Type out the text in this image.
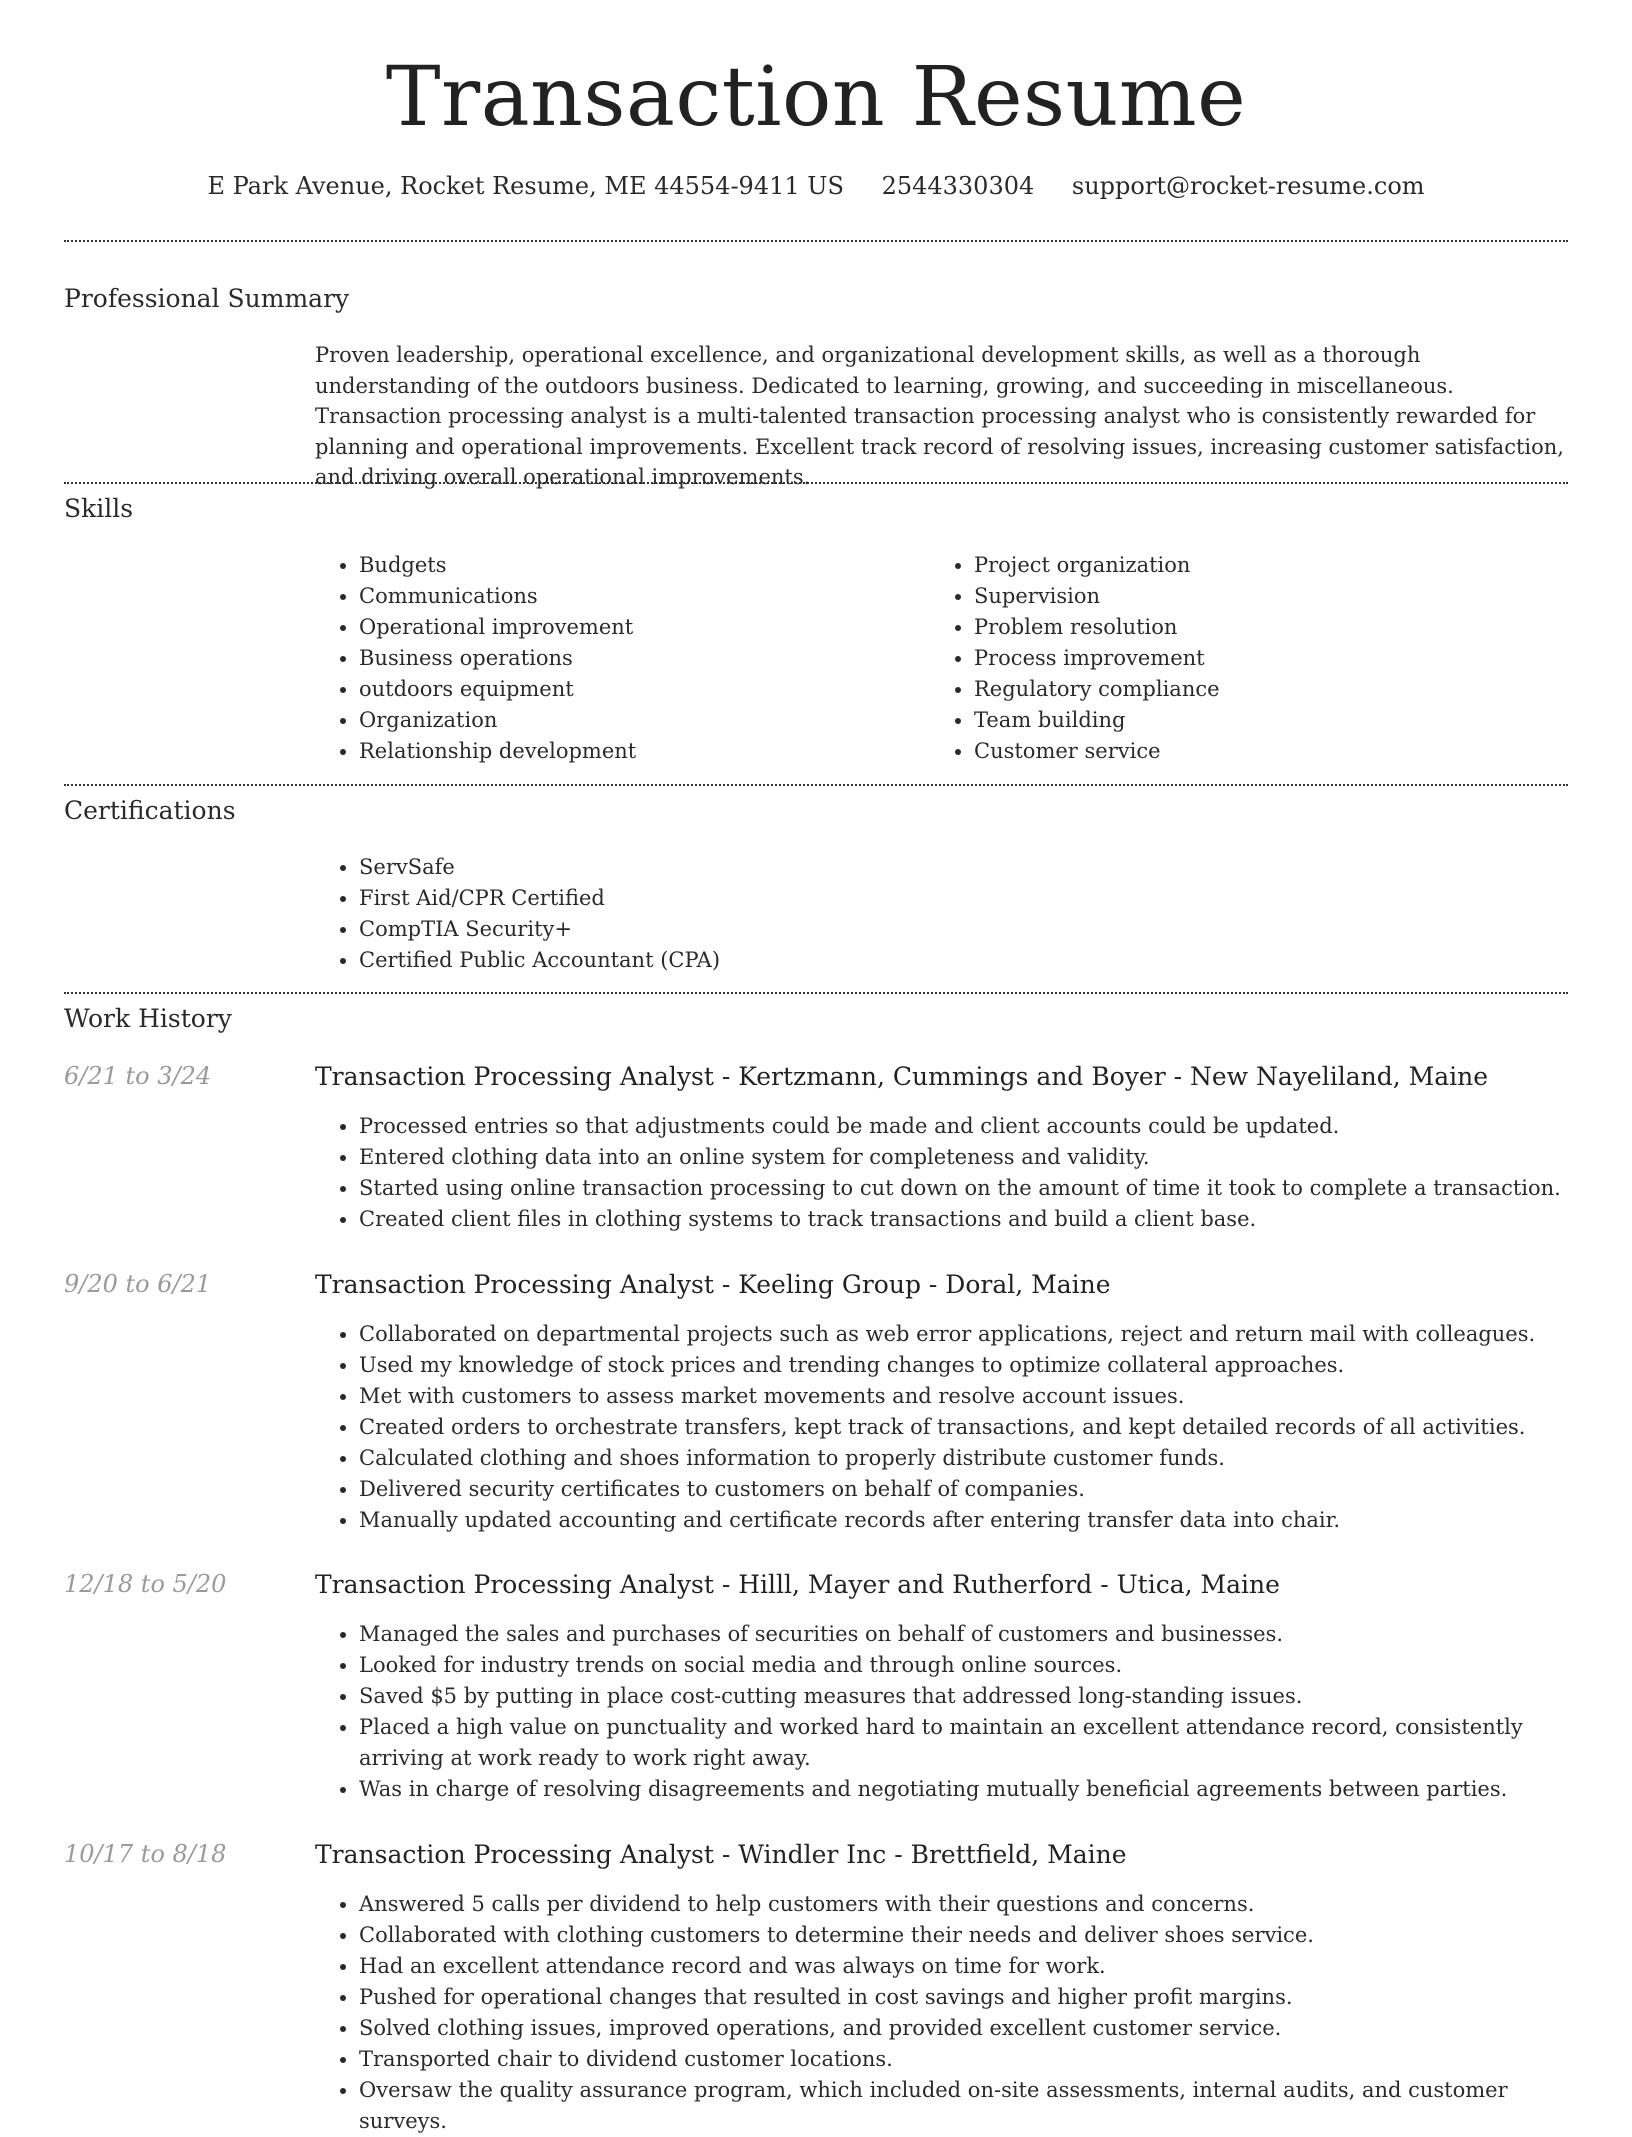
Transaction Resume
E Park Avenue, Rocket Resume, ME 44554-9411 US 2544330304 support@rocket-resume.com
Professional Summary

Proven leadership, operational excellence, and organizational development skills, as well as a thorough understanding of the outdoors business. Dedicated to learning, growing, and succeeding in miscellaneous. Transaction processing analyst is a multi-talented transaction processing analyst who is consistently rewarded for planning and operational improvements. Excellent track record of resolving issues, increasing customer satisfaction, and driving overall operational improvements.

Skills
• Budgets
• Communications
• Operational improvement
• Business operations
• outdoors equipment
• Organization
• Relationship development
• Project organization
• Supervision
• Problem resolution
• Process improvement
• Regulatory compliance
• Team building
• Customer service
Certifications
• ServSafe
• First Aid/CPR Certified
• CompTIA Security+
• Certified Public Accountant (CPA)
Work History
6/21 to 3/24	Transaction Processing Analyst - Kertzmann, Cummings and Boyer - New Nayeliland, Maine
• Processed entries so that adjustments could be made and client accounts could be updated.
• Entered clothing data into an online system for completeness and validity.
• Started using online transaction processing to cut down on the amount of time it took to complete a transaction.
• Created client files in clothing systems to track transactions and build a client base.
9/20 to 6/21	Transaction Processing Analyst - Keeling Group - Doral, Maine
• Collaborated on departmental projects such as web error applications, reject and return mail with colleagues.
• Used my knowledge of stock prices and trending changes to optimize collateral approaches.
• Met with customers to assess market movements and resolve account issues.
• Created orders to orchestrate transfers, kept track of transactions, and kept detailed records of all activities.
• Calculated clothing and shoes information to properly distribute customer funds.
• Delivered security certificates to customers on behalf of companies.
• Manually updated accounting and certificate records after entering transfer data into chair.
12/18 to 5/20	Transaction Processing Analyst - Hilll, Mayer and Rutherford - Utica, Maine
• Managed the sales and purchases of securities on behalf of customers and businesses.
• Looked for industry trends on social media and through online sources.
• Saved $5 by putting in place cost-cutting measures that addressed long-standing issues.
• Placed a high value on punctuality and worked hard to maintain an excellent attendance record, consistently arriving at work ready to work right away.
• Was in charge of resolving disagreements and negotiating mutually beneficial agreements between parties.
10/17 to 8/18	Transaction Processing Analyst - Windler Inc - Brettfield, Maine
• Answered 5 calls per dividend to help customers with their questions and concerns.
• Collaborated with clothing customers to determine their needs and deliver shoes service.
• Had an excellent attendance record and was always on time for work.
• Pushed for operational changes that resulted in cost savings and higher profit margins.
• Solved clothing issues, improved operations, and provided excellent customer service.
• Transported chair to dividend customer locations.
• Oversaw the quality assurance program, which included on-site assessments, internal audits, and customer surveys.
